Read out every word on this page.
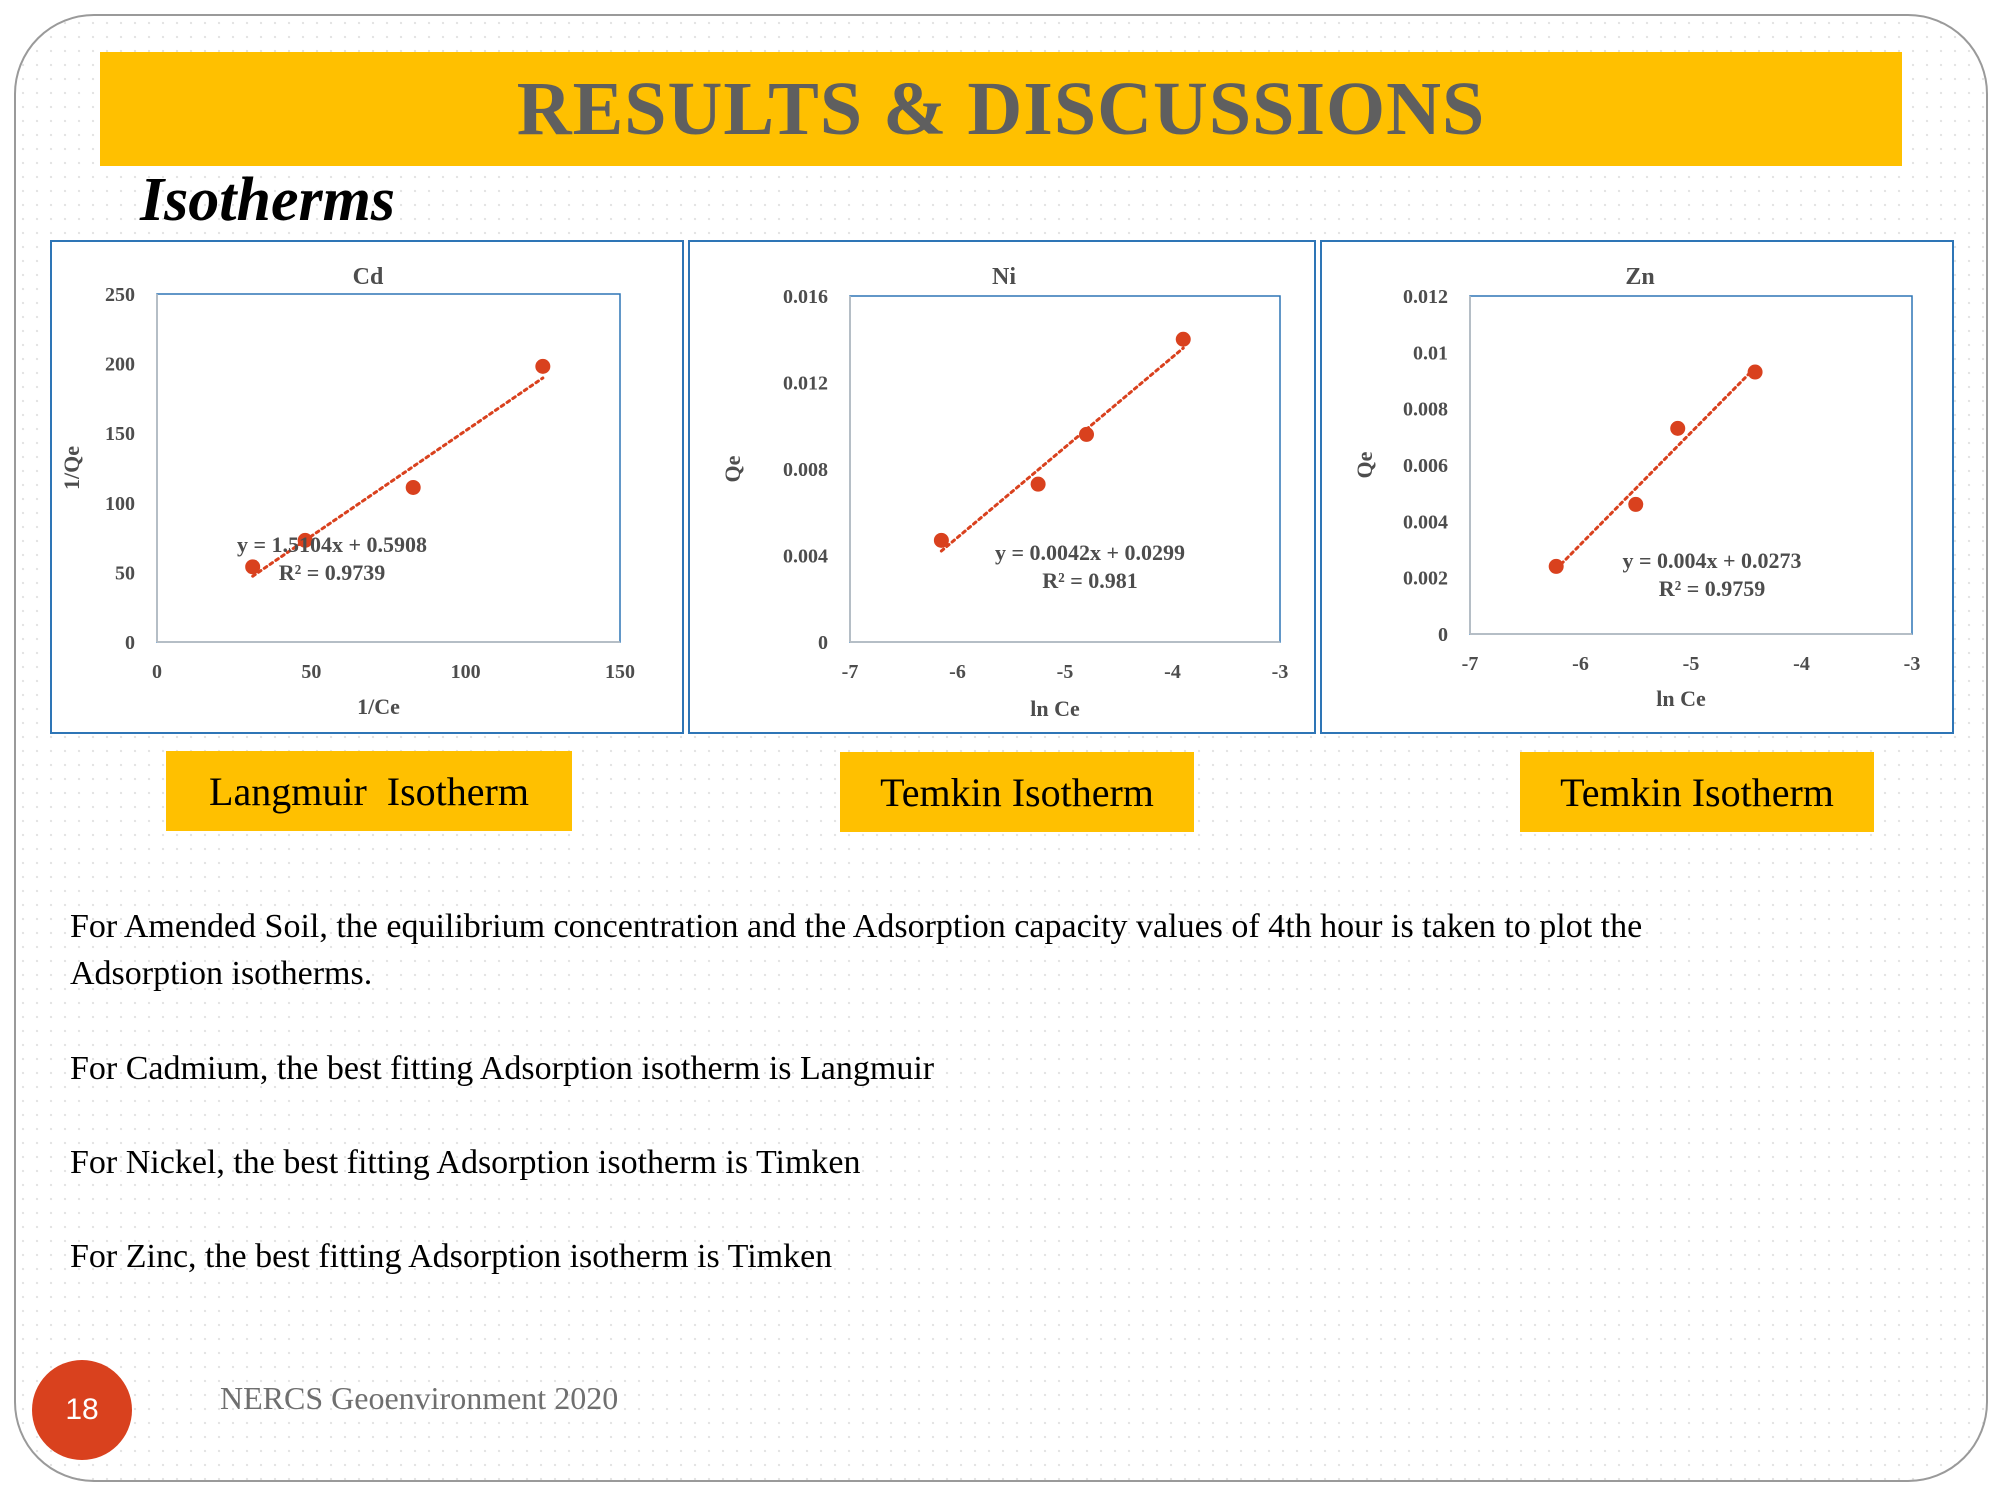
RESULTS & DISCUSSIONS
Isotherms
Cd
0	50	100	150
0
50
100
150
200
250
1/Ce
1/Qe
y = 1.5104x + 0.5908
R² = 0.9739
Ni
-7	-6	-5	-4	-3
0
0.004
0.008
0.012
0.016
ln Ce
Qe
y = 0.0042x + 0.0299
R² = 0.981
Zn
-7	-6	-5	-4	-3
0
0.002
0.004
0.006
0.008
0.01
0.012
ln Ce
Qe
y = 0.004x + 0.0273
R² = 0.9759
Langmuir  Isotherm	Temkin Isotherm	Temkin Isotherm
For Amended Soil, the equilibrium concentration and the Adsorption capacity values of 4th hour is taken to plot the
Adsorption isotherms.
For Cadmium, the best fitting Adsorption isotherm is Langmuir
For Nickel, the best fitting Adsorption isotherm is Timken
For Zinc, the best fitting Adsorption isotherm is Timken
18	NERCS Geoenvironment 2020
